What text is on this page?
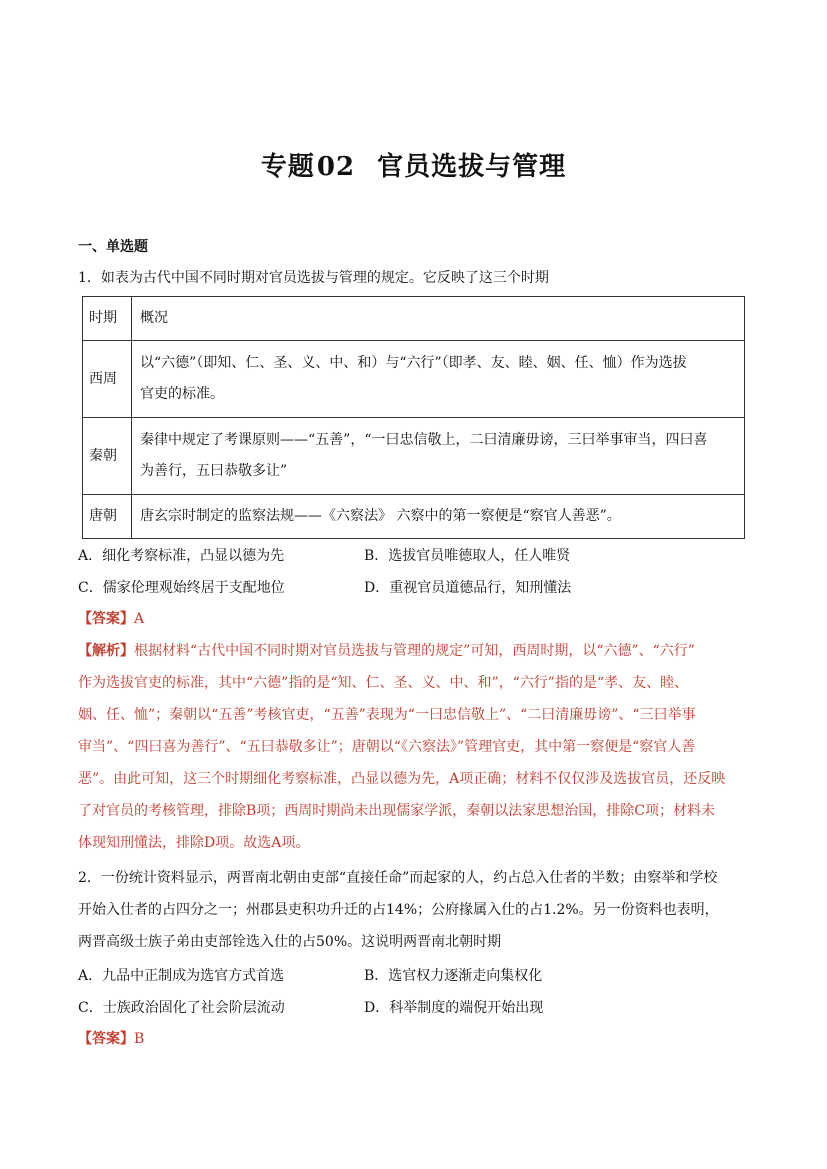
专题02 官员选拔与管理
一、单选题
1．如表为古代中国不同时期对官员选拔与管理的规定。它反映了这三个时期
时期	概况
西周	以“六德”（即知、仁、圣、义、中、和）与“六行”（即孝、友、睦、姻、任、恤）作为选拔
官吏的标准。

秦朝	秦律中规定了考课原则——“五善”，“一曰忠信敬上，二曰清廉毋谤，三曰举事审当，四曰喜
为善行，五曰恭敬多让”

唐朝	唐玄宗时制定的监察法规——《六察法》 六察中的第一察便是“察官人善恶”。
A．细化考察标准，凸显以德为先	B．选拔官员唯德取人，任人唯贤
C．儒家伦理观始终居于支配地位	D．重视官员道德品行，知刑懂法
【答案】A
【解析】根据材料“古代中国不同时期对官员选拔与管理的规定”可知，西周时期，以“六德”、“六行”
作为选拔官吏的标准，其中“六德”指的是“知、仁、圣、义、中、和”，“六行”指的是“孝、友、睦、
姻、任、恤”；秦朝以“五善”考核官吏，“五善”表现为“一曰忠信敬上”、“二曰清廉毋谤”、“三曰举事
审当”、“四曰喜为善行”、“五曰恭敬多让”；唐朝以“《六察法》”管理官吏，其中第一察便是“察官人善
恶”。由此可知，这三个时期细化考察标准，凸显以德为先，A项正确；材料不仅仅涉及选拔官员，还反映
了对官员的考核管理，排除B项；西周时期尚未出现儒家学派，秦朝以法家思想治国，排除C项；材料未
体现知刑懂法，排除D项。故选A项。
2．一份统计资料显示，两晋南北朝由吏部“直接任命”而起家的人，约占总入仕者的半数；由察举和学校
开始入仕者的占四分之一；州郡县吏积功升迁的占14%；公府掾属入仕的占1.2%。另一份资料也表明，
两晋高级士族子弟由吏部铨选入仕的占50%。这说明两晋南北朝时期
A．九品中正制成为选官方式首选	B．选官权力逐渐走向集权化
C．士族政治固化了社会阶层流动	D．科举制度的端倪开始出现
【答案】B
